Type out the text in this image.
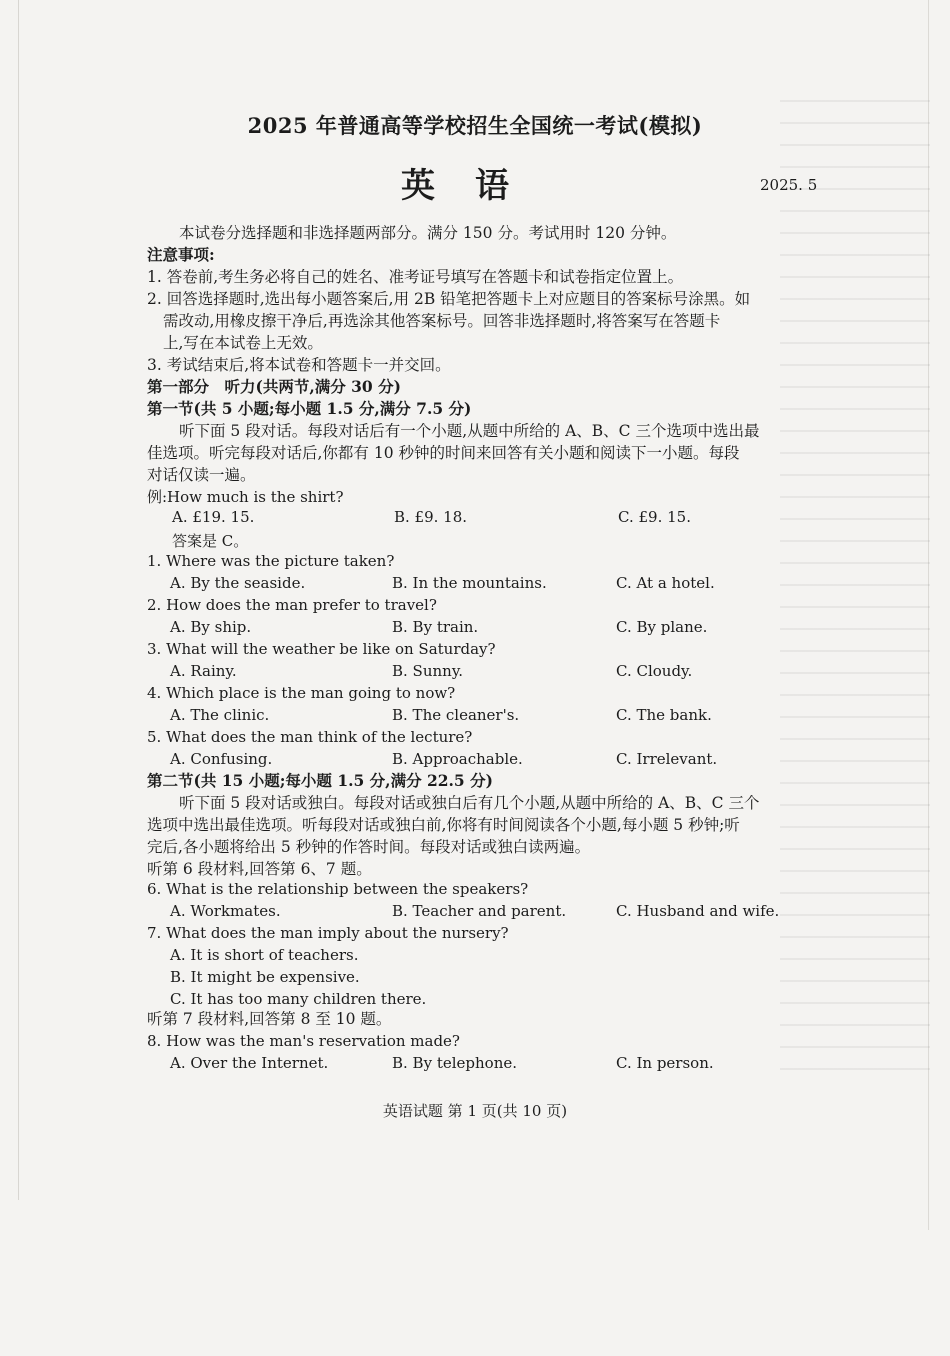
2025 年普通高等学校招生全国统一考试(模拟)
英语	2025. 5
本试卷分选择题和非选择题两部分。满分 150 分。考试用时 120 分钟。
注意事项:
1. 答卷前,考生务必将自己的姓名、准考证号填写在答题卡和试卷指定位置上。
2. 回答选择题时,选出每小题答案后,用 2B 铅笔把答题卡上对应题目的答案标号涂黑。如
需改动,用橡皮擦干净后,再选涂其他答案标号。回答非选择题时,将答案写在答题卡
上,写在本试卷上无效。
3. 考试结束后,将本试卷和答题卡一并交回。
第一部分　听力(共两节,满分 30 分)
第一节(共 5 小题;每小题 1.5 分,满分 7.5 分)
听下面 5 段对话。每段对话后有一个小题,从题中所给的 A、B、C 三个选项中选出最
佳选项。听完每段对话后,你都有 10 秒钟的时间来回答有关小题和阅读下一小题。每段
对话仅读一遍。
例:How much is the shirt?
A. £19. 15.	B. £9. 18.	C. £9. 15.
答案是 C。
1. Where was the picture taken?
A. By the seaside.	B. In the mountains.	C. At a hotel.
2. How does the man prefer to travel?
A. By ship.	B. By train.	C. By plane.
3. What will the weather be like on Saturday?
A. Rainy.	B. Sunny.	C. Cloudy.
4. Which place is the man going to now?
A. The clinic.	B. The cleaner's.	C. The bank.
5. What does the man think of the lecture?
A. Confusing.	B. Approachable.	C. Irrelevant.
第二节(共 15 小题;每小题 1.5 分,满分 22.5 分)
听下面 5 段对话或独白。每段对话或独白后有几个小题,从题中所给的 A、B、C 三个
选项中选出最佳选项。听每段对话或独白前,你将有时间阅读各个小题,每小题 5 秒钟;听
完后,各小题将给出 5 秒钟的作答时间。每段对话或独白读两遍。
听第 6 段材料,回答第 6、7 题。
6. What is the relationship between the speakers?
A. Workmates.	B. Teacher and parent.	C. Husband and wife.
7. What does the man imply about the nursery?
A. It is short of teachers.
B. It might be expensive.
C. It has too many children there.
听第 7 段材料,回答第 8 至 10 题。
8. How was the man's reservation made?
A. Over the Internet.	B. By telephone.	C. In person.
英语试题 第 1 页(共 10 页)
